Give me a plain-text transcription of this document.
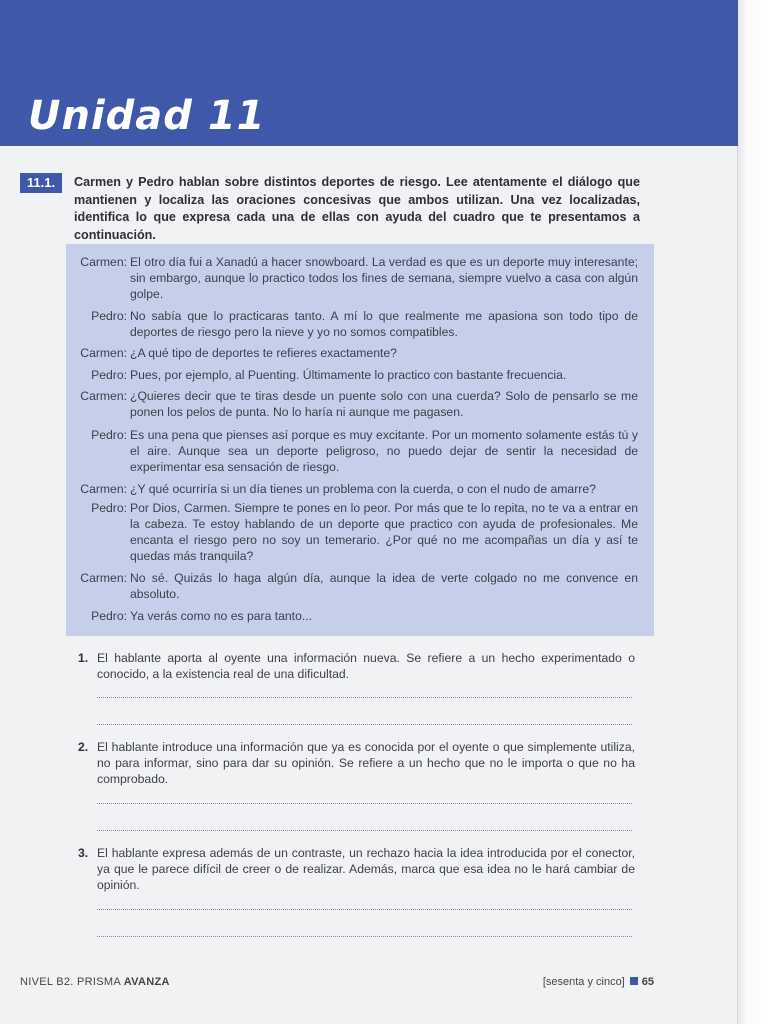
Unidad 11
11.1.	Carmen y Pedro hablan sobre distintos deportes de riesgo. Lee atentamente el diálogo que mantienen y localiza las oraciones concesivas que ambos utilizan. Una vez localizadas, identifica lo que expresa cada una de ellas con ayuda del cuadro que te presentamos a continuación.

Carmen: El otro día fui a Xanadú a hacer snowboard. La verdad es que es un deporte muy interesante; sin embargo, aunque lo practico todos los fines de semana, siempre vuelvo a casa con algún golpe.
Pedro: No sabía que lo practicaras tanto. A mí lo que realmente me apasiona son todo tipo de deportes de riesgo pero la nieve y yo no somos compatibles.
Carmen: ¿A qué tipo de deportes te refieres exactamente?
Pedro: Pues, por ejemplo, al Puenting. Últimamente lo practico con bastante frecuencia.
Carmen: ¿Quieres decir que te tiras desde un puente solo con una cuerda? Solo de pensarlo se me ponen los pelos de punta. No lo haría ni aunque me pagasen.
Pedro: Es una pena que pienses así porque es muy excitante. Por un momento solamente estás tú y el aire. Aunque sea un deporte peligroso, no puedo dejar de sentir la necesidad de experimentar esa sensación de riesgo.
Carmen: ¿Y qué ocurriría si un día tienes un problema con la cuerda, o con el nudo de amarre?
Pedro: Por Dios, Carmen. Siempre te pones en lo peor. Por más que te lo repita, no te va a entrar en la cabeza. Te estoy hablando de un deporte que practico con ayuda de profesionales. Me encanta el riesgo pero no soy un temerario. ¿Por qué no me acompañas un día y así te quedas más tranquila?
Carmen: No sé. Quizás lo haga algún día, aunque la idea de verte colgado no me convence en absoluto.
Pedro: Ya verás como no es para tanto...
1. El hablante aporta al oyente una información nueva. Se refiere a un hecho experimentado o conocido, a la existencia real de una dificultad.

2. El hablante introduce una información que ya es conocida por el oyente o que simplemente utiliza, no para informar, sino para dar su opinión. Se refiere a un hecho que no le importa o que no ha comprobado.

3. El hablante expresa además de un contraste, un rechazo hacia la idea introducida por el conector, ya que le parece difícil de creer o de realizar. Además, marca que esa idea no le hará cambiar de opinión.

NIVEL B2. PRISMA AVANZA	[sesenta y cinco] 65
